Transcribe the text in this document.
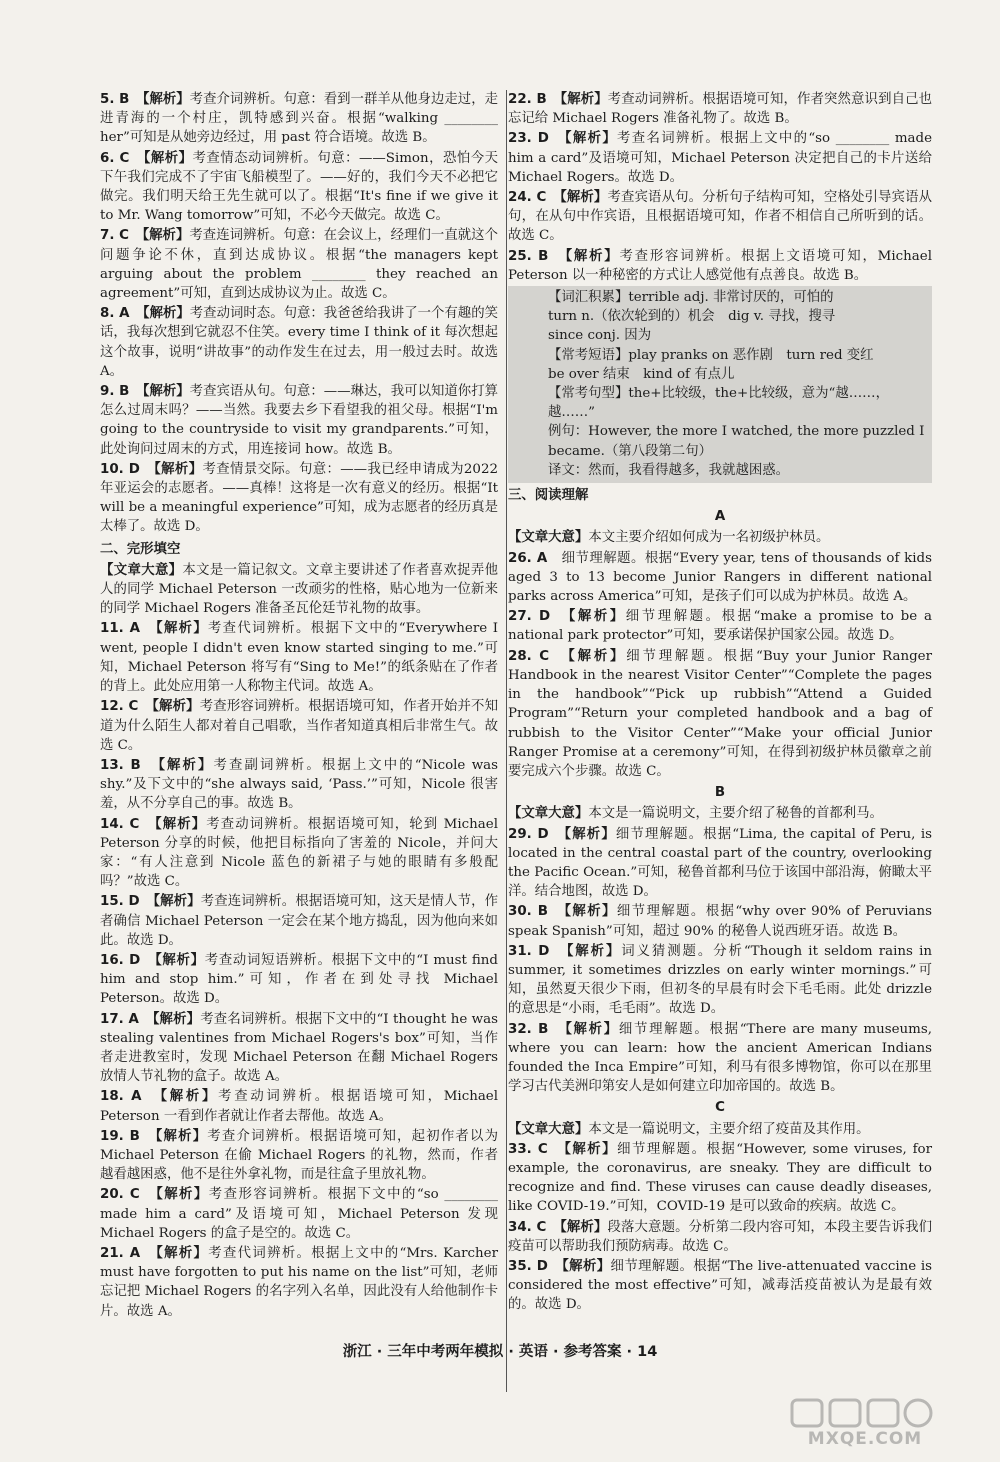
5. B　 【解析】考查介词辨析。句意：看到一群羊从他身边走过，走进青海的一个村庄，凯特感到兴奋。根据“walking ________ her”可知是从她旁边经过，用 past 符合语境。故选 B。
6. C　 【解析】考查情态动词辨析。句意：——Simon，恐怕今天下午我们完成不了宇宙飞船模型了。——好的，我们今天不必把它做完。我们明天给王先生就可以了。根据“It's fine if we give it to Mr. Wang tomorrow”可知，不必今天做完。故选 C。
7. C　 【解析】考查连词辨析。句意：在会议上，经理们一直就这个问题争论不休，直到达成协议。根据“the managers kept arguing about the problem ________ they reached an agreement”可知，直到达成协议为止。故选 C。
8. A　 【解析】考查动词时态。句意：我爸爸给我讲了一个有趣的笑话，我每次想到它就忍不住笑。every time I think of it 每次想起这个故事，说明“讲故事”的动作发生在过去，用一般过去时。故选 A。
9. B　 【解析】考查宾语从句。句意：——琳达，我可以知道你打算怎么过周末吗？——当然。我要去乡下看望我的祖父母。根据“I'm going to the countryside to visit my grandparents.”可知，此处询问过周末的方式，用连接词 how。故选 B。
10. D　 【解析】考查情景交际。句意：——我已经申请成为2022 年亚运会的志愿者。——真棒！这将是一次有意义的经历。根据“It will be a meaningful experience”可知，成为志愿者的经历真是太棒了。故选 D。
二、完形填空
【文章大意】本文是一篇记叙文。文章主要讲述了作者喜欢捉弄他人的同学 Michael Peterson 一改顽劣的性格，贴心地为一位新来的同学 Michael Rogers 准备圣瓦伦廷节礼物的故事。
11. A　 【解析】考查代词辨析。根据下文中的“Everywhere I went, people I didn't even know started singing to me.”可知，Michael Peterson 将写有“Sing to Me!”的纸条贴在了作者的背上。此处应用第一人称物主代词。故选 A。
12. C　 【解析】考查形容词辨析。根据语境可知，作者开始并不知道为什么陌生人都对着自己唱歌，当作者知道真相后非常生气。故选 C。
13. B　 【解析】考查副词辨析。根据上文中的“Nicole was shy.”及下文中的“she always said, ‘Pass.’”可知，Nicole 很害羞，从不分享自己的事。故选 B。
14. C　 【解析】考查动词辨析。根据语境可知，轮到 Michael Peterson 分享的时候，他把目标指向了害羞的 Nicole，并问大家：“有人注意到 Nicole 蓝色的新裙子与她的眼睛有多般配吗？”故选 C。
15. D　 【解析】考查连词辨析。根据语境可知，这天是情人节，作者确信 Michael Peterson 一定会在某个地方捣乱，因为他向来如此。故选 D。
16. D　 【解析】考查动词短语辨析。根据下文中的“I must find him and stop him.”可知，作者在到处寻找 Michael Peterson。故选 D。
17. A　 【解析】考查名词辨析。根据下文中的“I thought he was stealing valentines from Michael Rogers's box”可知，当作者走进教室时，发现 Michael Peterson 在翻 Michael Rogers 放情人节礼物的盒子。故选 A。
18. A　 【解析】考查动词辨析。根据语境可知，Michael Peterson 一看到作者就让作者去帮他。故选 A。
19. B　 【解析】考查介词辨析。根据语境可知，起初作者以为 Michael Peterson 在偷 Michael Rogers 的礼物，然而，作者越看越困惑，他不是往外拿礼物，而是往盒子里放礼物。
20. C　 【解析】考查形容词辨析。根据下文中的“so ________ made him a card”及语境可知，Michael Peterson 发现 Michael Rogers 的盒子是空的。故选 C。
21. A　 【解析】考查代词辨析。根据上文中的“Mrs. Karcher must have forgotten to put his name on the list”可知，老师忘记把 Michael Rogers 的名字列入名单，因此没有人给他制作卡片。故选 A。
22. B　 【解析】考查动词辨析。根据语境可知，作者突然意识到自己也忘记给 Michael Rogers 准备礼物了。故选 B。
23. D　 【解析】考查名词辨析。根据上文中的“so ________ made him a card”及语境可知，Michael Peterson 决定把自己的卡片送给 Michael Rogers。故选 D。
24. C　 【解析】考查宾语从句。分析句子结构可知，空格处引导宾语从句，在从句中作宾语，且根据语境可知，作者不相信自己所听到的话。故选 C。
25. B　 【解析】考查形容词辨析。根据上文语境可知，Michael Peterson 以一种秘密的方式让人感觉他有点善良。故选 B。
【词汇积累】terrible adj. 非常讨厌的，可怕的
turn n.（依次轮到的）机会　dig v. 寻找，搜寻
since conj. 因为
【常考短语】play pranks on 恶作剧　turn red 变红
be over 结束　kind of 有点儿
【常考句型】the+比较级，the+比较级，意为“越……，越……”
例句：However, the more I watched, the more puzzled I became.（第八段第二句）
译文：然而，我看得越多，我就越困惑。
三、阅读理解
A
【文章大意】本文主要介绍如何成为一名初级护林员。
26. A　 细节理解题。根据“Every year, tens of thousands of kids aged 3 to 13 become Junior Rangers in different national parks across America”可知，是孩子们可以成为护林员。故选 A。
27. D　 【解析】细节理解题。根据“make a promise to be a national park protector”可知，要承诺保护国家公园。故选 D。
28. C　 【解析】细节理解题。根据“Buy your Junior Ranger Handbook in the nearest Visitor Center”“Complete the pages in the handbook”“Pick up rubbish”“Attend a Guided Program”“Return your completed handbook and a bag of rubbish to the Visitor Center”“Make your official Junior Ranger Promise at a ceremony”可知，在得到初级护林员徽章之前要完成六个步骤。故选 C。
B
【文章大意】本文是一篇说明文，主要介绍了秘鲁的首都利马。
29. D　 【解析】细节理解题。根据“Lima, the capital of Peru, is located in the central coastal part of the country, overlooking the Pacific Ocean.”可知，秘鲁首都利马位于该国中部沿海，俯瞰太平洋。结合地图，故选 D。
30. B　 【解析】细节理解题。根据“why over 90% of Peruvians speak Spanish”可知，超过 90% 的秘鲁人说西班牙语。故选 B。
31. D　 【解析】词义猜测题。分析“Though it seldom rains in summer, it sometimes drizzles on early winter mornings.”可知，虽然夏天很少下雨，但初冬的早晨有时会下毛毛雨。此处 drizzle 的意思是“小雨，毛毛雨”。故选 D。
32. B　 【解析】细节理解题。根据“There are many museums, where you can learn: how the ancient American Indians founded the Inca Empire”可知，利马有很多博物馆，你可以在那里学习古代美洲印第安人是如何建立印加帝国的。故选 B。
C
【文章大意】本文是一篇说明文，主要介绍了疫苗及其作用。
33. C　 【解析】细节理解题。根据“However, some viruses, for example, the coronavirus, are sneaky. They are difficult to recognize and find. These viruses can cause deadly diseases, like COVID-19.”可知，COVID-19 是可以致命的疾病。故选 C。
34. C　 【解析】段落大意题。分析第二段内容可知，本段主要告诉我们疫苗可以帮助我们预防病毒。故选 C。
35. D　 【解析】细节理解题。根据“The live-attenuated vaccine is considered the most effective”可知，减毒活疫苗被认为是最有效的。故选 D。
浙江 · 三年中考两年模拟 · 英语 · 参考答案 · 14
MXQE.COM
